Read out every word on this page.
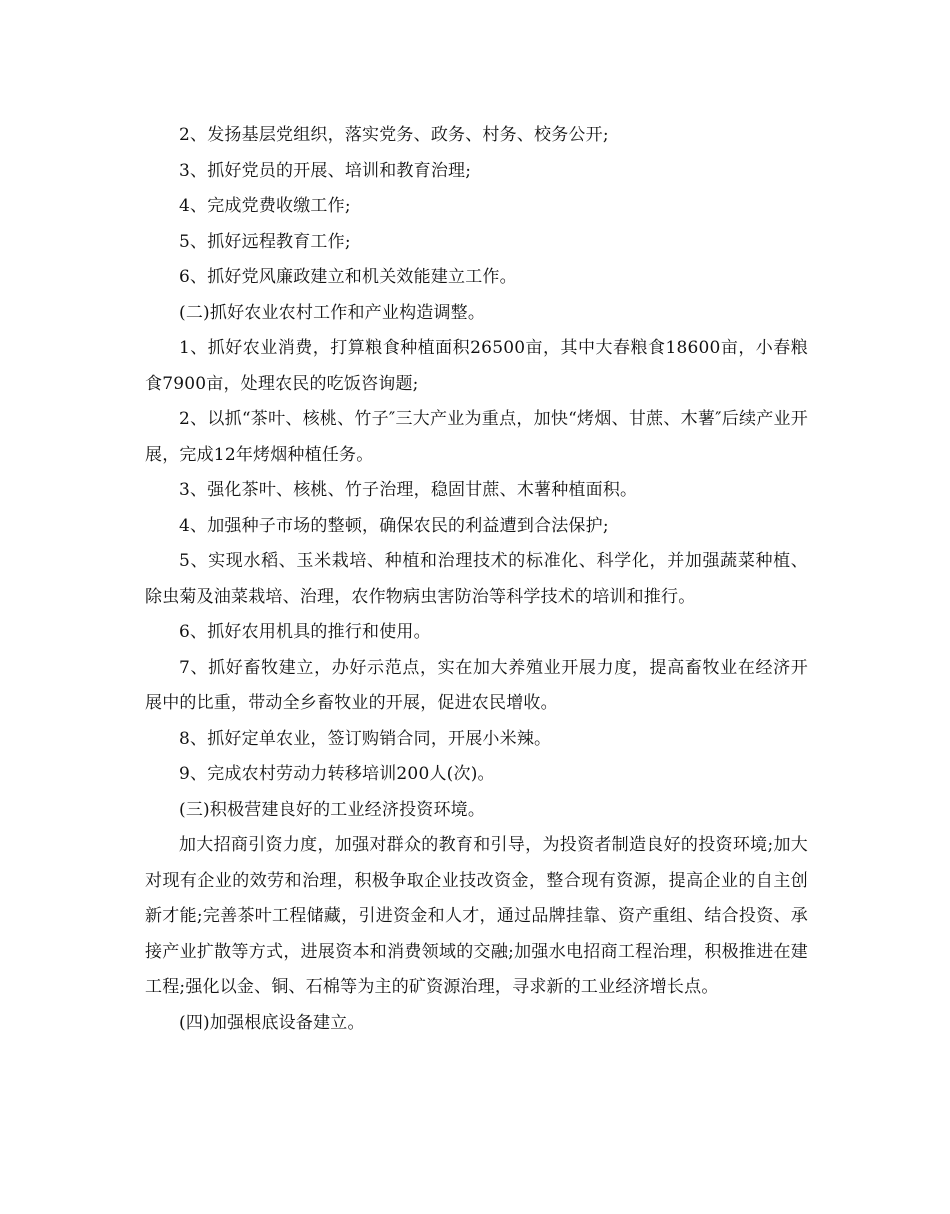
2、发扬基层党组织，落实党务、政务、村务、校务公开;

3、抓好党员的开展、培训和教育治理;

4、完成党费收缴工作;

5、抓好远程教育工作;

6、抓好党风廉政建立和机关效能建立工作。

(二)抓好农业农村工作和产业构造调整。

1、抓好农业消费，打算粮食种植面积26500亩，其中大春粮食18600亩，小春粮食7900亩，处理农民的吃饭咨询题;

2、以抓“茶叶、核桃、竹子″三大产业为重点，加快“烤烟、甘蔗、木薯″后续产业开展，完成12年烤烟种植任务。

3、强化茶叶、核桃、竹子治理，稳固甘蔗、木薯种植面积。

4、加强种子市场的整顿，确保农民的利益遭到合法保护;

5、实现水稻、玉米栽培、种植和治理技术的标准化、科学化，并加强蔬菜种植、除虫菊及油菜栽培、治理，农作物病虫害防治等科学技术的培训和推行。

6、抓好农用机具的推行和使用。

7、抓好畜牧建立，办好示范点，实在加大养殖业开展力度，提高畜牧业在经济开展中的比重，带动全乡畜牧业的开展，促进农民增收。

8、抓好定单农业，签订购销合同，开展小米辣。

9、完成农村劳动力转移培训200人(次)。

(三)积极营建良好的工业经济投资环境。

加大招商引资力度，加强对群众的教育和引导，为投资者制造良好的投资环境;加大对现有企业的效劳和治理，积极争取企业技改资金，整合现有资源，提高企业的自主创新才能;完善茶叶工程储藏，引进资金和人才，通过品牌挂靠、资产重组、结合投资、承接产业扩散等方式，进展资本和消费领域的交融;加强水电招商工程治理，积极推进在建工程;强化以金、铜、石棉等为主的矿资源治理，寻求新的工业经济增长点。

(四)加强根底设备建立。
